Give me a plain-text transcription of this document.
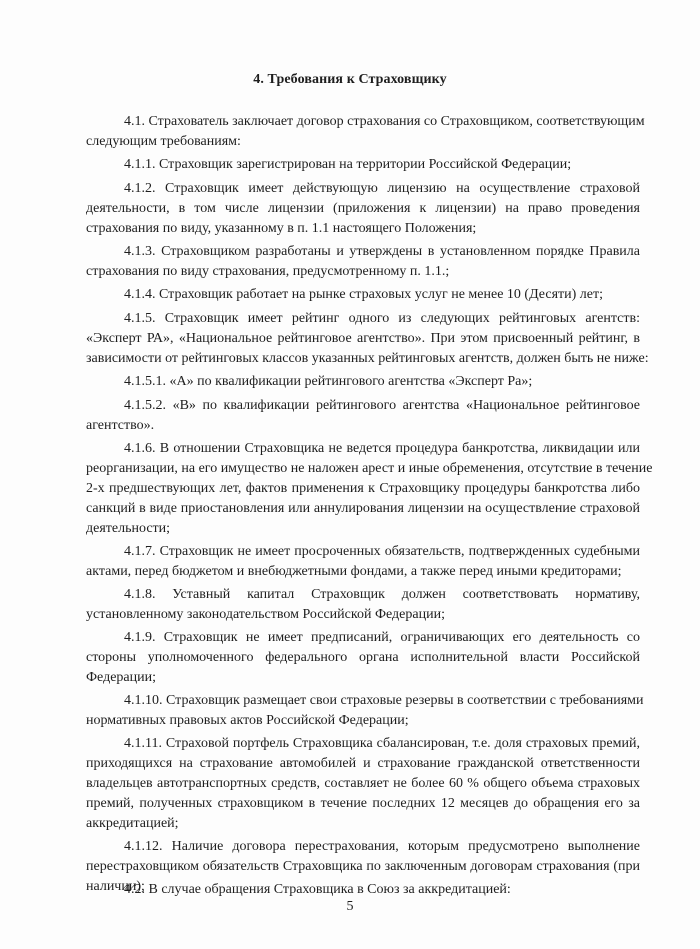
4. Требования к Страховщику
4.1. Страхователь заключает договор страхования со Страховщиком, соответствующим
следующим требованиям:
4.1.1. Страховщик зарегистрирован на территории Российской Федерации;
4.1.2. Страховщик имеет действующую лицензию на осуществление страховой
деятельности, в том числе лицензии (приложения к лицензии) на право проведения
страхования по виду, указанному в п. 1.1 настоящего Положения;
4.1.3. Страховщиком разработаны и утверждены в установленном порядке Правила
страхования по виду страхования, предусмотренному п. 1.1.;
4.1.4. Страховщик работает на рынке страховых услуг не менее 10 (Десяти) лет;
4.1.5. Страховщик имеет рейтинг одного из следующих рейтинговых агентств:
«Эксперт РА», «Национальное рейтинговое агентство». При этом присвоенный рейтинг, в
зависимости от рейтинговых классов указанных рейтинговых агентств, должен быть не ниже:
4.1.5.1. «А» по квалификации рейтингового агентства «Эксперт Ра»;
4.1.5.2. «В» по квалификации рейтингового агентства «Национальное рейтинговое
агентство».
4.1.6. В отношении Страховщика не ведется процедура банкротства, ликвидации или
реорганизации, на его имущество не наложен арест и иные обременения, отсутствие в течение
2-х предшествующих лет, фактов применения к Страховщику процедуры банкротства либо
санкций в виде приостановления или аннулирования лицензии на осуществление страховой
деятельности;
4.1.7. Страховщик не имеет просроченных обязательств, подтвержденных судебными
актами, перед бюджетом и внебюджетными фондами, а также перед иными кредиторами;
4.1.8. Уставный капитал Страховщик должен соответствовать нормативу,
установленному законодательством Российской Федерации;
4.1.9. Страховщик не имеет предписаний, ограничивающих его деятельность со
стороны уполномоченного федерального органа исполнительной власти Российской
Федерации;
4.1.10. Страховщик размещает свои страховые резервы в соответствии с требованиями
нормативных правовых актов Российской Федерации;
4.1.11. Страховой портфель Страховщика сбалансирован, т.е. доля страховых премий,
приходящихся на страхование автомобилей и страхование гражданской ответственности
владельцев автотранспортных средств, составляет не более 60 % общего объема страховых
премий, полученных страховщиком в течение последних 12 месяцев до обращения его за
аккредитацией;
4.1.12. Наличие договора перестрахования, которым предусмотрено выполнение
перестраховщиком обязательств Страховщика по заключенным договорам страхования (при
наличии);
5
4.2. В случае обращения Страховщика в Союз за аккредитацией:
